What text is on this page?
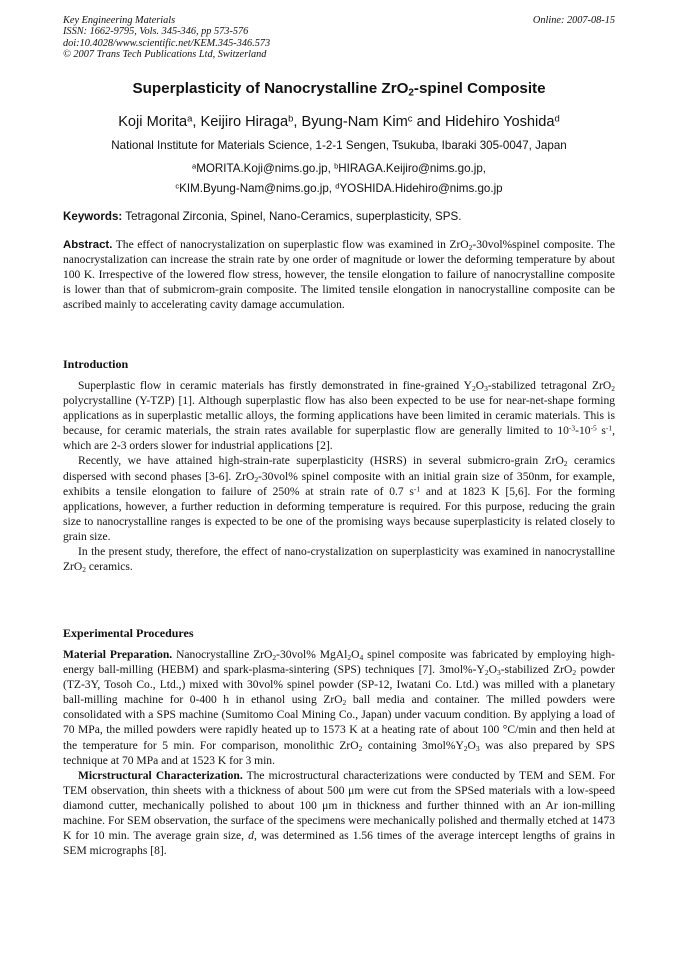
Key Engineering Materials
ISSN: 1662-9795, Vols. 345-346, pp 573-576
doi:10.4028/www.scientific.net/KEM.345-346.573
© 2007 Trans Tech Publications Ltd, Switzerland
Online: 2007-08-15
Superplasticity of Nanocrystalline ZrO$_2$-spinel Composite
Koji Morita$^a$, Keijiro Hiraga$^b$, Byung-Nam Kim$^c$ and Hidehiro Yoshida$^d$
National Institute for Materials Science, 1-2-1 Sengen, Tsukuba, Ibaraki 305-0047, Japan
$^a$MORITA.Koji@nims.go.jp, $^b$HIRAGA.Keijiro@nims.go.jp,
$^c$KIM.Byung-Nam@nims.go.jp, $^d$YOSHIDA.Hidehiro@nims.go.jp
Keywords: Tetragonal Zirconia, Spinel, Nano-Ceramics, superplasticity, SPS.
Abstract. The effect of nanocrystalization on superplastic flow was examined in ZrO$_2$-30vol%spinel composite. The nanocrystalization can increase the strain rate by one order of magnitude or lower the deforming temperature by about 100 K. Irrespective of the lowered flow stress, however, the tensile elongation to failure of nanocrystalline composite is lower than that of submicrom-grain composite. The limited tensile elongation in nanocrystalline composite can be ascribed mainly to accelerating cavity damage accumulation.
Introduction

Superplastic flow in ceramic materials has firstly demonstrated in fine-grained $Y_2O_3$-stabilized tetragonal ZrO$_2$ polycrystalline (Y-TZP) [1]. Although superplastic flow has also been expected to be use for near-net-shape forming applications as in superplastic metallic alloys, the forming applications have been limited in ceramic materials. This is because, for ceramic materials, the strain rates available for superplastic flow are generally limited to $10^{-3}-10^{-5}$ $s^{-1}$, which are 2-3 orders slower for industrial applications [2].

Recently, we have attained high-strain-rate superplasticity (HSRS) in several submicro-grain ZrO$_2$ ceramics dispersed with second phases [3-6]. ZrO$_2$-30vol% spinel composite with an initial grain size of 350nm, for example, exhibits a tensile elongation to failure of 250% at strain rate of 0.7 $s^{-1}$ and at 1823 K [5,6]. For the forming applications, however, a further reduction in deforming temperature is required. For this purpose, reducing the grain size to nanocrystalline ranges is expected to be one of the promising ways because superplasticity is related closely to grain size.

In the present study, therefore, the effect of nano-crystalization on superplasticity was examined in nanocrystalline ZrO$_2$ ceramics.

Experimental Procedures

Material Preparation. Nanocrystalline ZrO$_2$-30vol% $MgAl_2O_4$ spinel composite was fabricated by employing high-energy ball-milling (HEBM) and spark-plasma-sintering (SPS) techniques [7]. $3mol\%-Y_2O_3$-stabilized ZrO$_2$ powder (TZ-3Y, Tosoh Co., Ltd.,) mixed with 30vol% spinel powder (SP-12, Iwatani Co. Ltd.) was milled with a planetary ball-milling machine for 0-400 h in ethanol using ZrO$_2$ ball media and container. The milled powders were consolidated with a SPS machine (Sumitomo Coal Mining Co., Japan) under vacuum condition. By applying a load of 70 MPa, the milled powders were rapidly heated up to 1573 K at a heating rate of about 100 °C/min and then held at the temperature for 5 min. For comparison, monolithic ZrO$_2$ containing $3mol\%Y_2O_3$ was also prepared by SPS technique at 70 MPa and at 1523 K for 3 min.

Micrstructural Characterization. The microstructural characterizations were conducted by TEM and SEM. For TEM observation, thin sheets with a thickness of about 500 μm were cut from the SPSed materials with a low-speed diamond cutter, mechanically polished to about 100 μm in thickness and further thinned with an Ar ion-milling machine. For SEM observation, the surface of the specimens were mechanically polished and thermally etched at 1473 K for 10 min. The average grain size, d, was determined as 1.56 times of the average intercept lengths of grains in SEM micrographs [8].
